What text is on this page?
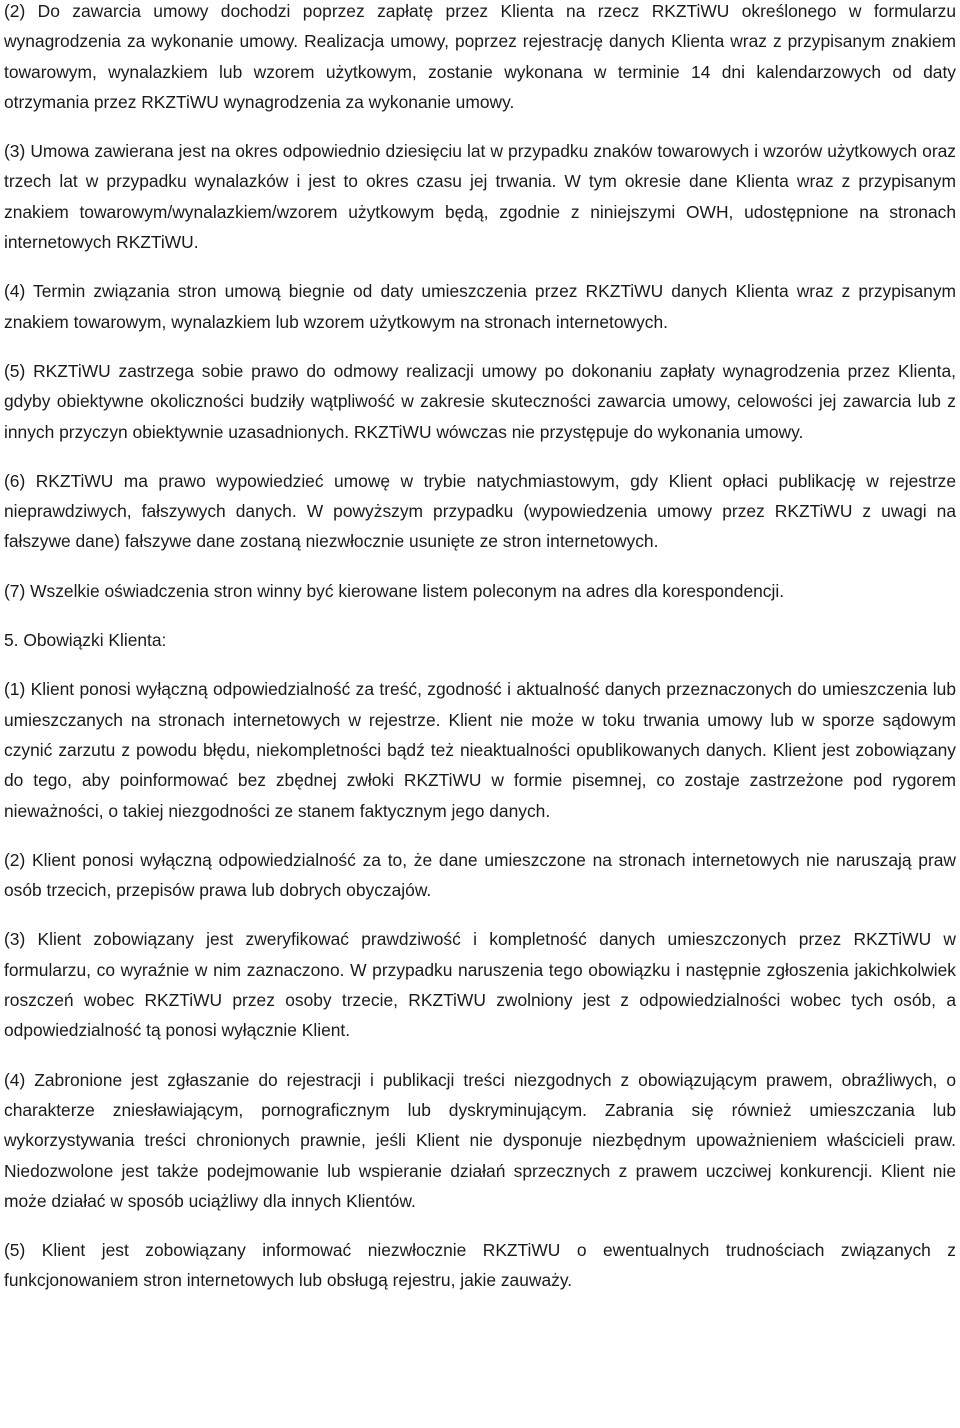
(2) Do zawarcia umowy dochodzi poprzez zapłatę przez Klienta na rzecz RKZTiWU określonego w formularzu wynagrodzenia za wykonanie umowy. Realizacja umowy, poprzez rejestrację danych Klienta wraz z przypisanym znakiem towarowym, wynalazkiem lub wzorem użytkowym, zostanie wykonana w terminie 14 dni kalendarzowych od daty otrzymania przez RKZTiWU wynagrodzenia za wykonanie umowy.

(3) Umowa zawierana jest na okres odpowiednio dziesięciu lat w przypadku znaków towarowych i wzorów użytkowych oraz trzech lat w przypadku wynalazków i jest to okres czasu jej trwania. W tym okresie dane Klienta wraz z przypisanym znakiem towarowym/wynalazkiem/wzorem użytkowym będą, zgodnie z niniejszymi OWH, udostępnione na stronach internetowych RKZTiWU.

(4) Termin związania stron umową biegnie od daty umieszczenia przez RKZTiWU danych Klienta wraz z przypisanym znakiem towarowym, wynalazkiem lub wzorem użytkowym na stronach internetowych.

(5) RKZTiWU zastrzega sobie prawo do odmowy realizacji umowy po dokonaniu zapłaty wynagrodzenia przez Klienta, gdyby obiektywne okoliczności budziły wątpliwość w zakresie skuteczności zawarcia umowy, celowości jej zawarcia lub z innych przyczyn obiektywnie uzasadnionych. RKZTiWU wówczas nie przystępuje do wykonania umowy.

(6) RKZTiWU ma prawo wypowiedzieć umowę w trybie natychmiastowym, gdy Klient opłaci publikację w rejestrze nieprawdziwych, fałszywych danych. W powyższym przypadku (wypowiedzenia umowy przez RKZTiWU z uwagi na fałszywe dane) fałszywe dane zostaną niezwłocznie usunięte ze stron internetowych.

(7) Wszelkie oświadczenia stron winny być kierowane listem poleconym na adres dla korespondencji.

5. Obowiązki Klienta:

(1) Klient ponosi wyłączną odpowiedzialność za treść, zgodność i aktualność danych przeznaczonych do umieszczenia lub umieszczanych na stronach internetowych w rejestrze. Klient nie może w toku trwania umowy lub w sporze sądowym czynić zarzutu z powodu błędu, niekompletności bądź też nieaktualności opublikowanych danych. Klient jest zobowiązany do tego, aby poinformować bez zbędnej zwłoki RKZTiWU w formie pisemnej, co zostaje zastrzeżone pod rygorem nieważności, o takiej niezgodności ze stanem faktycznym jego danych.

(2) Klient ponosi wyłączną odpowiedzialność za to, że dane umieszczone na stronach internetowych nie naruszają praw osób trzecich, przepisów prawa lub dobrych obyczajów.

(3) Klient zobowiązany jest zweryfikować prawdziwość i kompletność danych umieszczonych przez RKZTiWU w formularzu, co wyraźnie w nim zaznaczono. W przypadku naruszenia tego obowiązku i następnie zgłoszenia jakichkolwiek roszczeń wobec RKZTiWU przez osoby trzecie, RKZTiWU zwolniony jest z odpowiedzialności wobec tych osób, a odpowiedzialność tą ponosi wyłącznie Klient.

(4) Zabronione jest zgłaszanie do rejestracji i publikacji treści niezgodnych z obowiązującym prawem, obraźliwych, o charakterze zniesławiającym, pornograficznym lub dyskryminującym. Zabrania się również umieszczania lub wykorzystywania treści chronionych prawnie, jeśli Klient nie dysponuje niezbędnym upoważnieniem właścicieli praw. Niedozwolone jest także podejmowanie lub wspieranie działań sprzecznych z prawem uczciwej konkurencji. Klient nie może działać w sposób uciążliwy dla innych Klientów.

(5) Klient jest zobowiązany informować niezwłocznie RKZTiWU o ewentualnych trudnościach związanych z funkcjonowaniem stron internetowych lub obsługą rejestru, jakie zauważy.
